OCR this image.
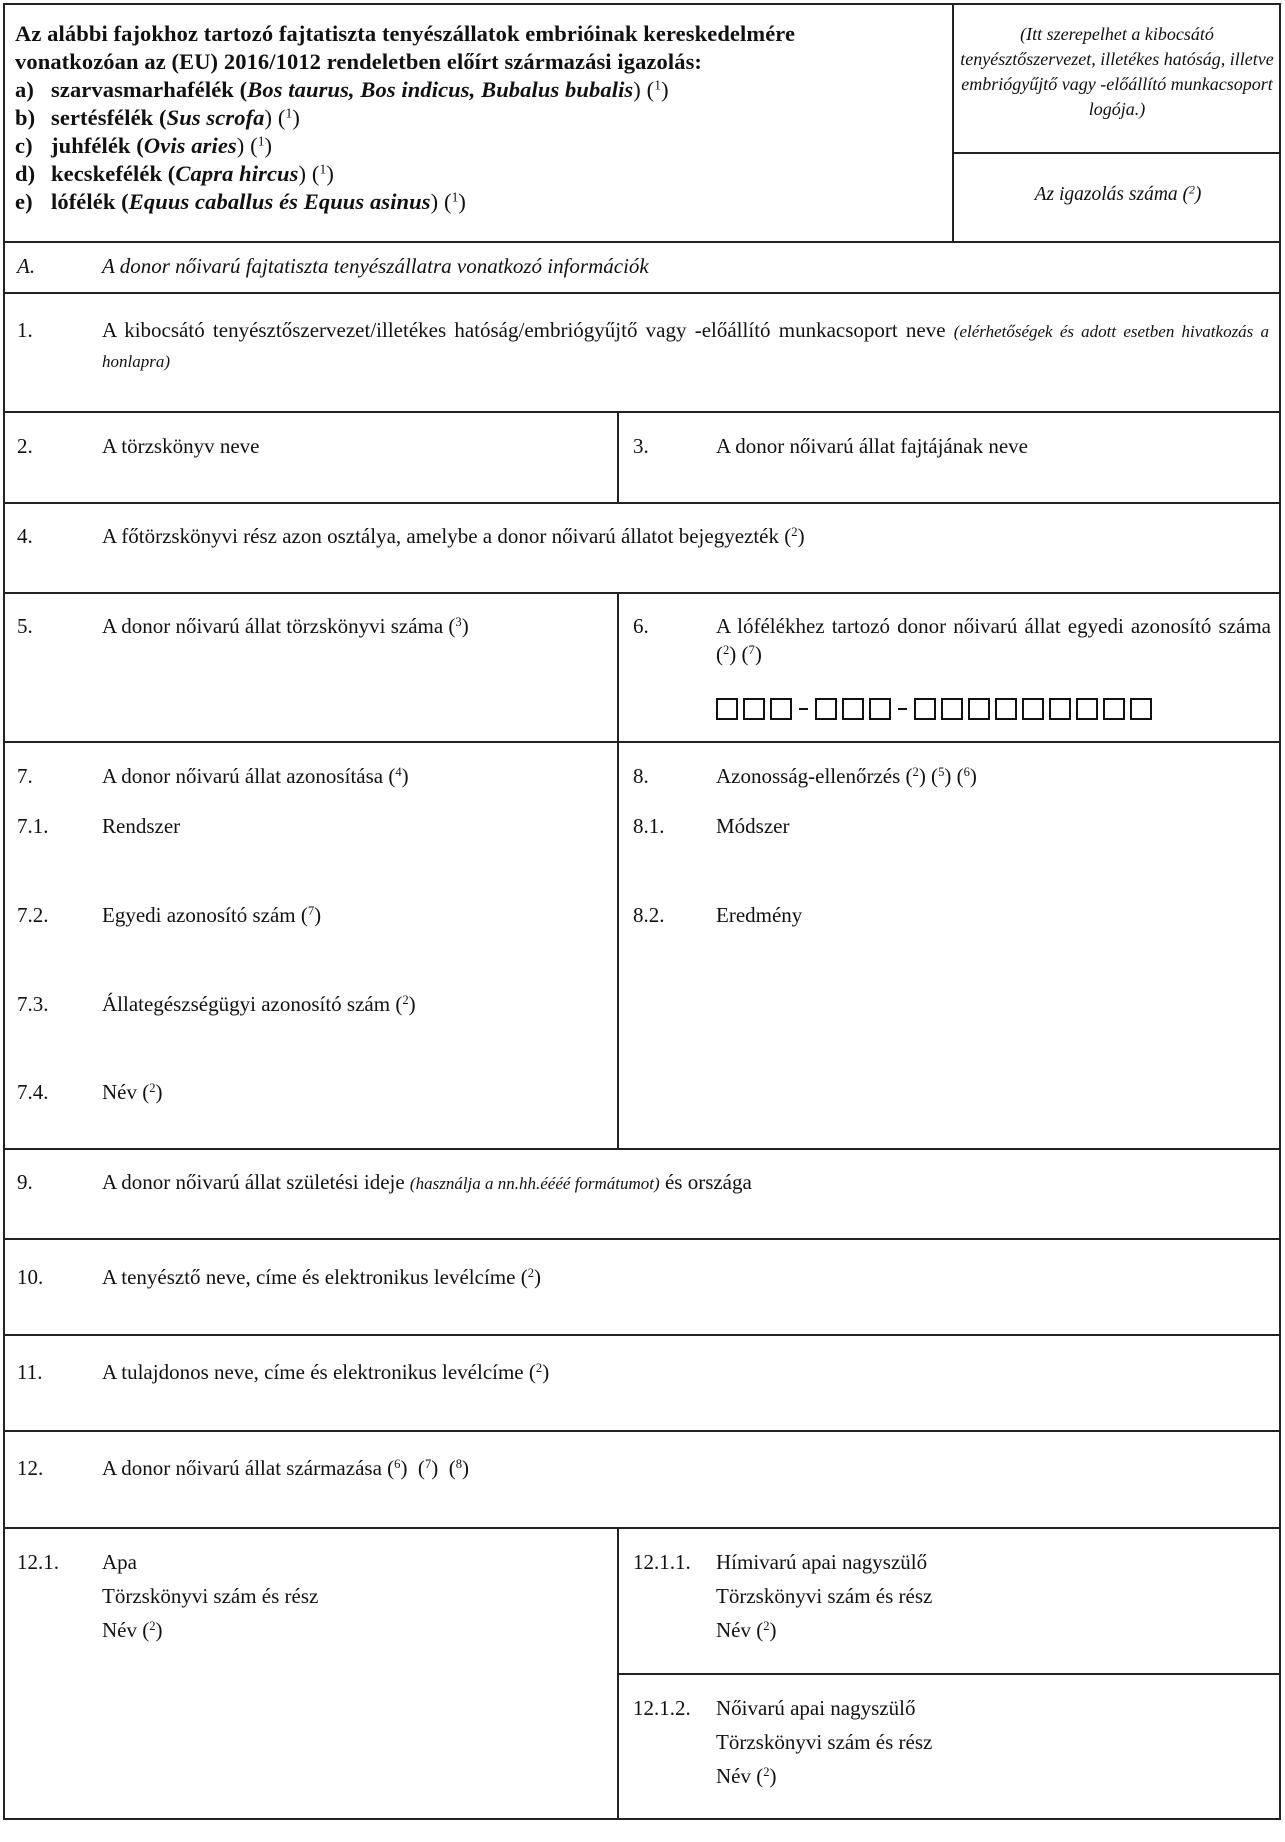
Az alábbi fajokhoz tartozó fajtatiszta tenyészállatok embrióinak kereskedelmére
vonatkozóan az (EU) 2016/1012 rendeletben előírt származási igazolás:
a) szarvasmarhafélék (Bos taurus, Bos indicus, Bubalus bubalis) ($^1$)
b) sertésfélék (Sus scrofa) ($^1$)
c) juhfélék (Ovis aries) ($^1$)
d) kecskefélék (Capra hircus) ($^1$)
e) lófélék (Equus caballus és Equus asinus) ($^1$)
(Itt szerepelhet a kibocsátó tenyésztőszervezet, illetékes hatóság, illetve embriógyűjtő vagy -előállító munkacsoport logója.)
Az igazolás száma ($^2$)
A.	A donor nőivarú fajtatiszta tenyészállatra vonatkozó információk
1.	A kibocsátó tenyésztőszervezet/illetékes hatóság/embriógyűjtő vagy -előállító munkacsoport neve (elérhetőségek és adott esetben hivatkozás a honlapra)
2.	A törzskönyv neve	3.	A donor nőivarú állat fajtájának neve
4.	A főtörzskönyvi rész azon osztálya, amelybe a donor nőivarú állatot bejegyezték ($^2$)
5.	A donor nőivarú állat törzskönyvi száma ($^3$)	6.	A lófélékhez tartozó donor nőivarú állat egyedi azonosító száma ($^2$) ($^7$)
7.	A donor nőivarú állat azonosítása ($^4$)
7.1.	Rendszer
7.2.	Egyedi azonosító szám ($^7$)
7.3.	Állategészségügyi azonosító szám ($^2$)
7.4.	Név ($^2$)
8.	Azonosság-ellenőrzés ($^2$) ($^5$) ($^6$)
8.1. Módszer
8.2. Eredmény
9.	A donor nőivarú állat születési ideje (használja a nn.hh.éééé formátumot) és országa
10.	A tenyésztő neve, címe és elektronikus levélcíme ($^2$)
11.	A tulajdonos neve, címe és elektronikus levélcíme ($^2$)
12.	A donor nőivarú állat származása ($^6$)  ($^7$)  ($^8$)
12.1. Apa
Törzskönyvi szám és rész
Név ($^2$)
12.1.1. Hímivarú apai nagyszülő
Törzskönyvi szám és rész
Név ($^2$)
12.1.2. Nőivarú apai nagyszülő
Törzskönyvi szám és rész
Név ($^2$)
